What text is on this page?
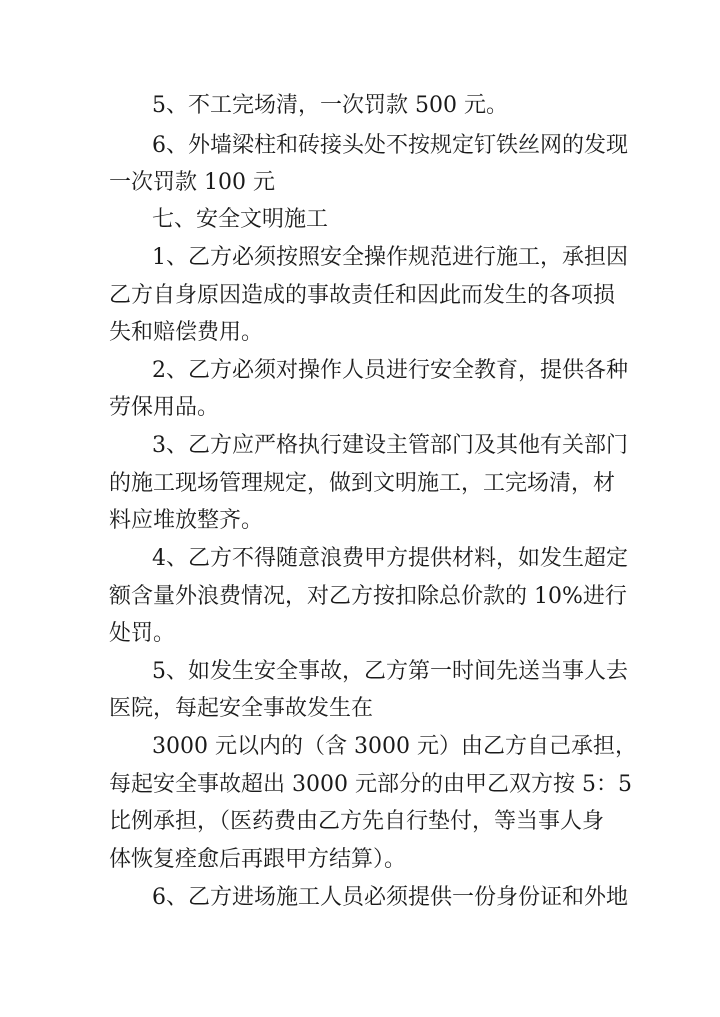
5、不工完场清，一次罚款 500 元。
6、外墙梁柱和砖接头处不按规定钉铁丝网的发现
一次罚款 100 元
七、安全文明施工
1、乙方必须按照安全操作规范进行施工，承担因
乙方自身原因造成的事故责任和因此而发生的各项损
失和赔偿费用。
2、乙方必须对操作人员进行安全教育，提供各种
劳保用品。
3、乙方应严格执行建设主管部门及其他有关部门
的施工现场管理规定，做到文明施工，工完场清，材
料应堆放整齐。
4、乙方不得随意浪费甲方提供材料，如发生超定
额含量外浪费情况，对乙方按扣除总价款的 10%进行
处罚。
5、如发生安全事故，乙方第一时间先送当事人去
医院，每起安全事故发生在
3000 元以内的（含 3000 元）由乙方自己承担，
每起安全事故超出 3000 元部分的由甲乙双方按 5：5
比例承担，（医药费由乙方先自行垫付，等当事人身
体恢复痊愈后再跟甲方结算）。
6、乙方进场施工人员必须提供一份身份证和外地
